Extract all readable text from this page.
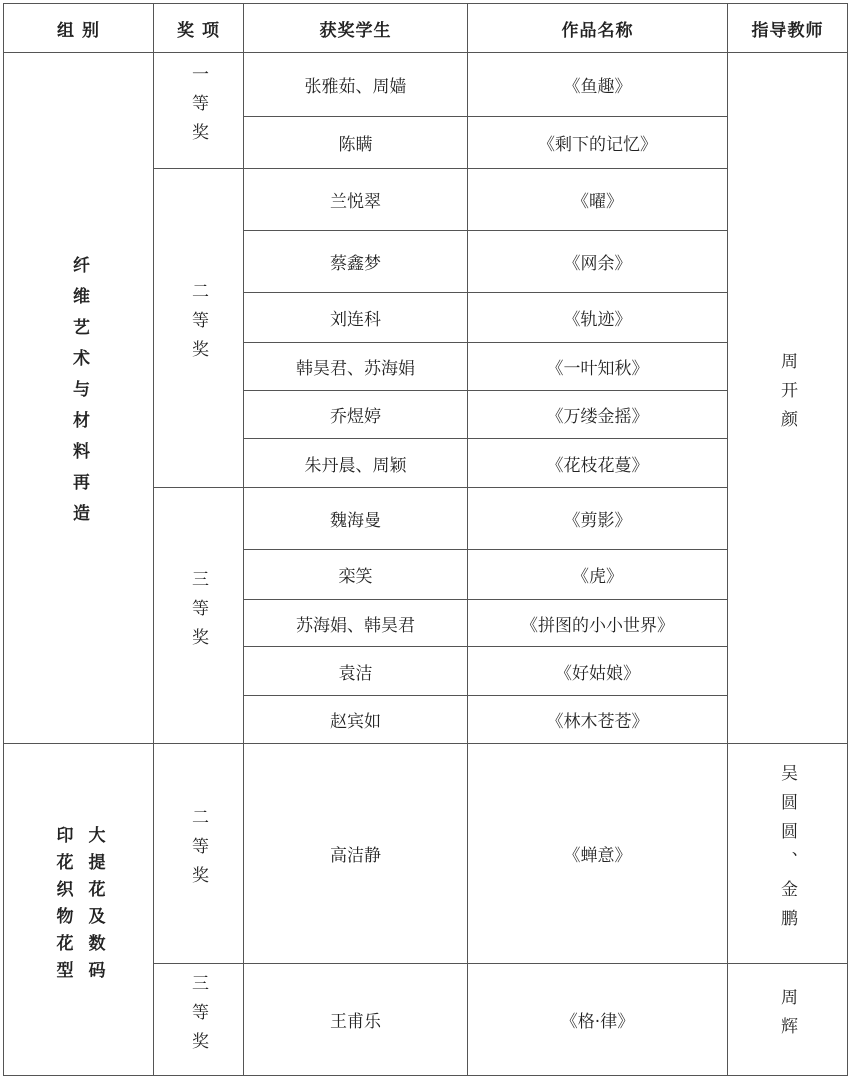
组 别	奖 项	获奖学生	作品名称	指导教师
纤维艺术与材料再造	一等奖	张雅茹、周嫱	《鱼趣》	周开颜
		陈瞒	《剩下的记忆》	
	二等奖	兰悦翠	《曜》	
		蔡鑫梦	《网余》	
		刘连科	《轨迹》	
		韩昊君、苏海娟	《一叶知秋》	
		乔煜婷	《万缕金摇》	
		朱丹晨、周颖	《花枝花蔓》	
	三等奖	魏海曼	《剪影》	
		栾笑	《虎》	
		苏海娟、韩昊君	《拼图的小小世界》	
		袁洁	《好姑娘》	
		赵宾如	《林木苍苍》	
大提花及数码印花织物花型	二等奖	高洁静	《蝉意》	吴圆圆、金鹏
	三等奖	王甫乐	《格·律》	周辉
